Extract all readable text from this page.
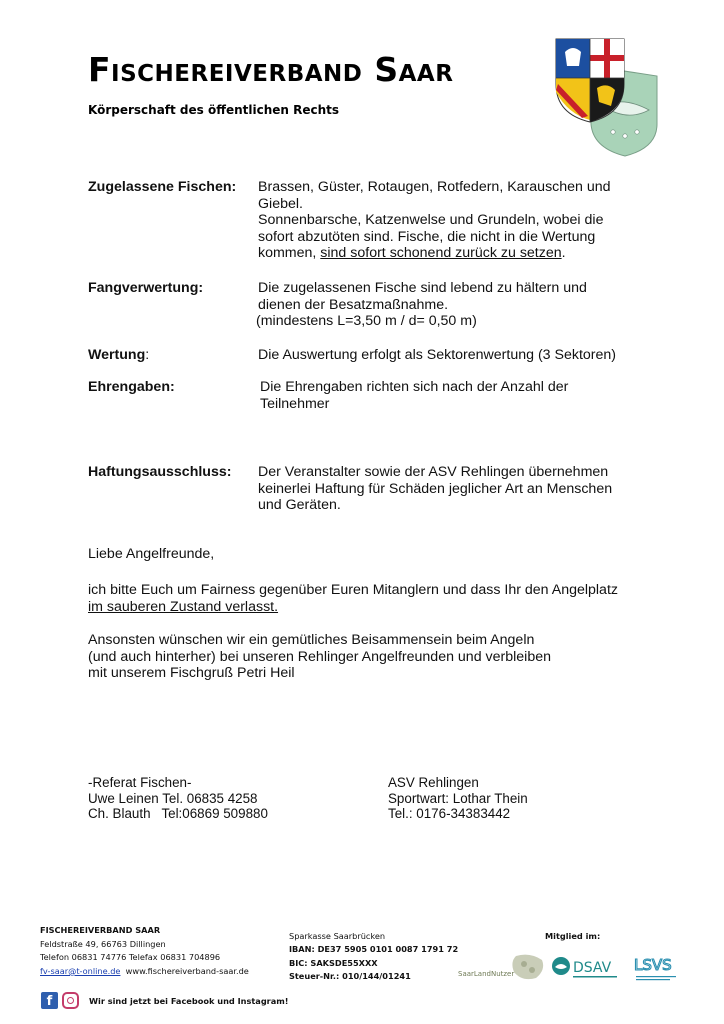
Fischereiverband Saar
Körperschaft des öffentlichen Rechts
Zugelassene Fischen:	Brassen, Güster, Rotaugen, Rotfedern, Karauschen und
Giebel.
Sonnenbarsche, Katzenwelse und Grundeln, wobei die
sofort abzutöten sind. Fische, die nicht in die Wertung
kommen, sind sofort schonend zurück zu setzen.
Fangverwertung:	Die zugelassenen Fische sind lebend zu hältern und
dienen der Besatzmaßnahme.
(mindestens L=3,50 m / d= 0,50 m)
Wertung:	Die Auswertung erfolgt als Sektorenwertung (3 Sektoren)
Ehrengaben:	Die Ehrengaben richten sich nach der Anzahl der
Teilnehmer
Haftungsausschluss:	Der Veranstalter sowie der ASV Rehlingen übernehmen
keinerlei Haftung für Schäden jeglicher Art an Menschen
und Geräten.
Liebe Angelfreunde,
ich bitte Euch um Fairness gegenüber Euren Mitanglern und dass Ihr den Angelplatz
im sauberen Zustand verlasst.
Ansonsten wünschen wir ein gemütliches Beisammensein beim Angeln
(und auch hinterher) bei unseren Rehlinger Angelfreunden und verbleiben
mit unserem Fischgruß Petri Heil
-Referat Fischen-
Uwe Leinen Tel. 06835 4258
Ch. Blauth   Tel:06869 509880
ASV Rehlingen
Sportwart: Lothar Thein
Tel.: 0176-34383442
FISCHEREIVERBAND SAAR
Feldstraße 49, 66763 Dillingen
Telefon 06831 74776 Telefax 06831 704896
fv-saar@t-online.de www.fischereiverband-saar.de
Sparkasse Saarbrücken
IBAN: DE37 5905 0101 0087 1791 72
BIC: SAKSDE55XXX
Steuer-Nr.: 010/144/01241
Mitglied im:
SaarLandNutzer	DSAV LSVS
f	Wir sind jetzt bei Facebook und Instagram!
